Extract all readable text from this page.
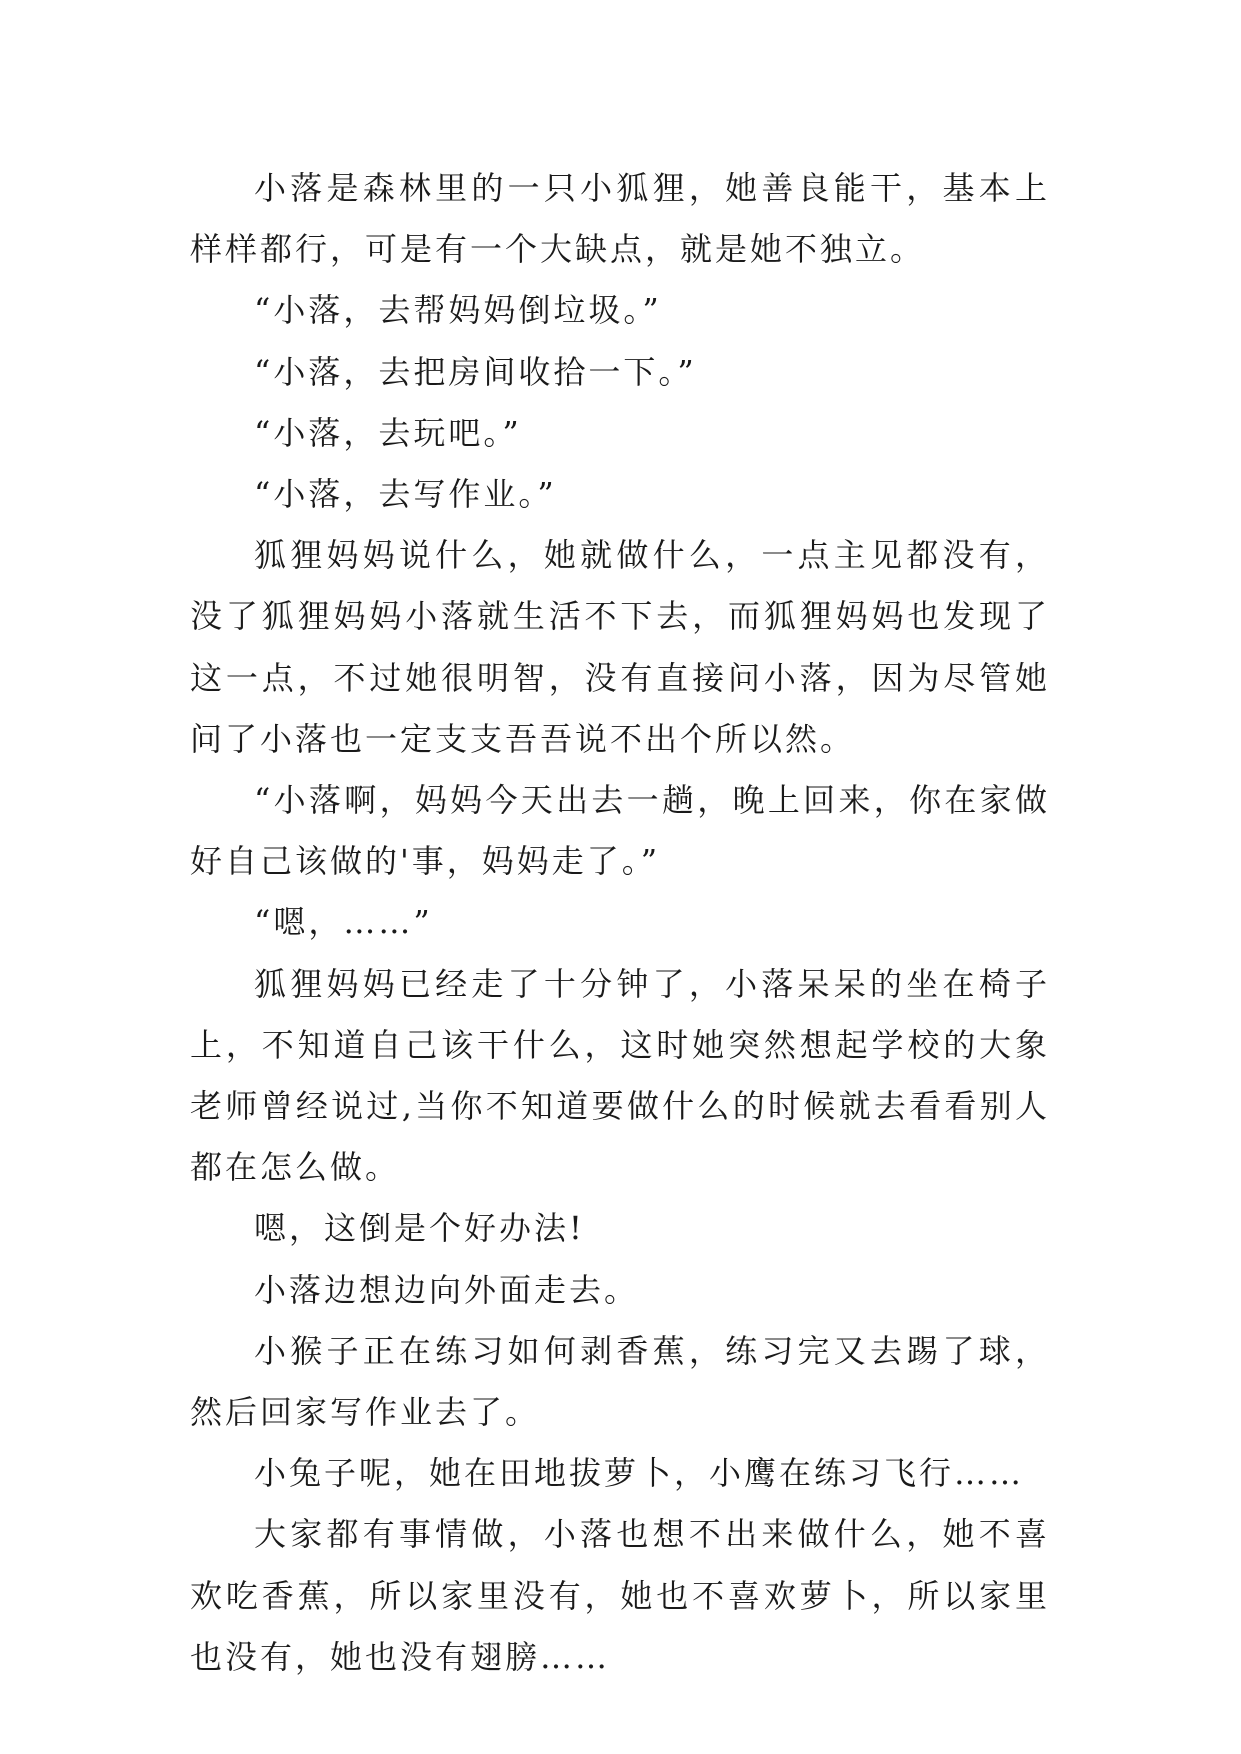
小落是森林里的一只小狐狸，她善良能干，基本上样样都行，可是有一个大缺点，就是她不独立。

“小落，去帮妈妈倒垃圾。”

“小落，去把房间收拾一下。”

“小落，去玩吧。”

“小落，去写作业。”

狐狸妈妈说什么，她就做什么，一点主见都没有，没了狐狸妈妈小落就生活不下去，而狐狸妈妈也发现了这一点，不过她很明智，没有直接问小落，因为尽管她问了小落也一定支支吾吾说不出个所以然。

“小落啊，妈妈今天出去一趟，晚上回来，你在家做好自己该做的'事，妈妈走了。”

“嗯，……”

狐狸妈妈已经走了十分钟了，小落呆呆的坐在椅子上，不知道自己该干什么，这时她突然想起学校的大象老师曾经说过,当你不知道要做什么的时候就去看看别人都在怎么做。

嗯，这倒是个好办法!

小落边想边向外面走去。

小猴子正在练习如何剥香蕉，练习完又去踢了球，然后回家写作业去了。

小兔子呢，她在田地拔萝卜，小鹰在练习飞行……

大家都有事情做，小落也想不出来做什么，她不喜欢吃香蕉，所以家里没有，她也不喜欢萝卜，所以家里也没有，她也没有翅膀……
